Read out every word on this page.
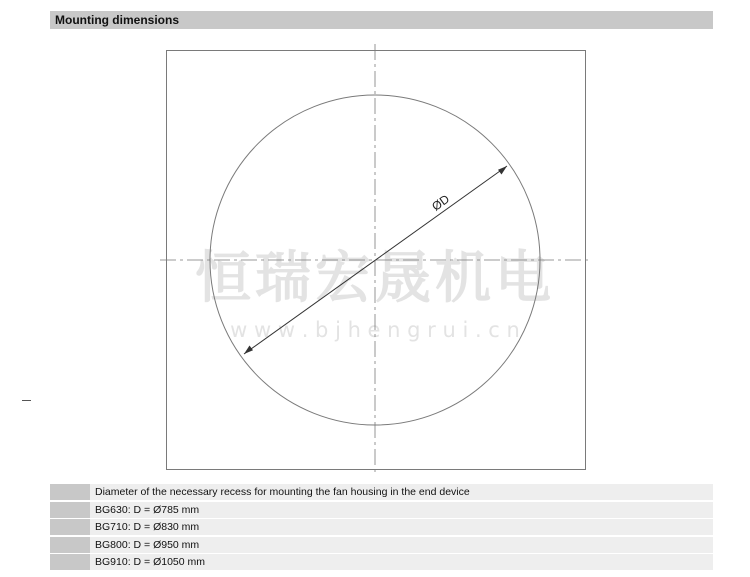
Mounting dimensions
恒瑞宏晟机电
w w w . b j h e n g r u i . c n
ØD
Diameter of the necessary recess for mounting the fan housing in the end device
BG630: D = Ø785 mm
BG710: D = Ø830 mm
BG800: D = Ø950 mm
BG910: D = Ø1050 mm
